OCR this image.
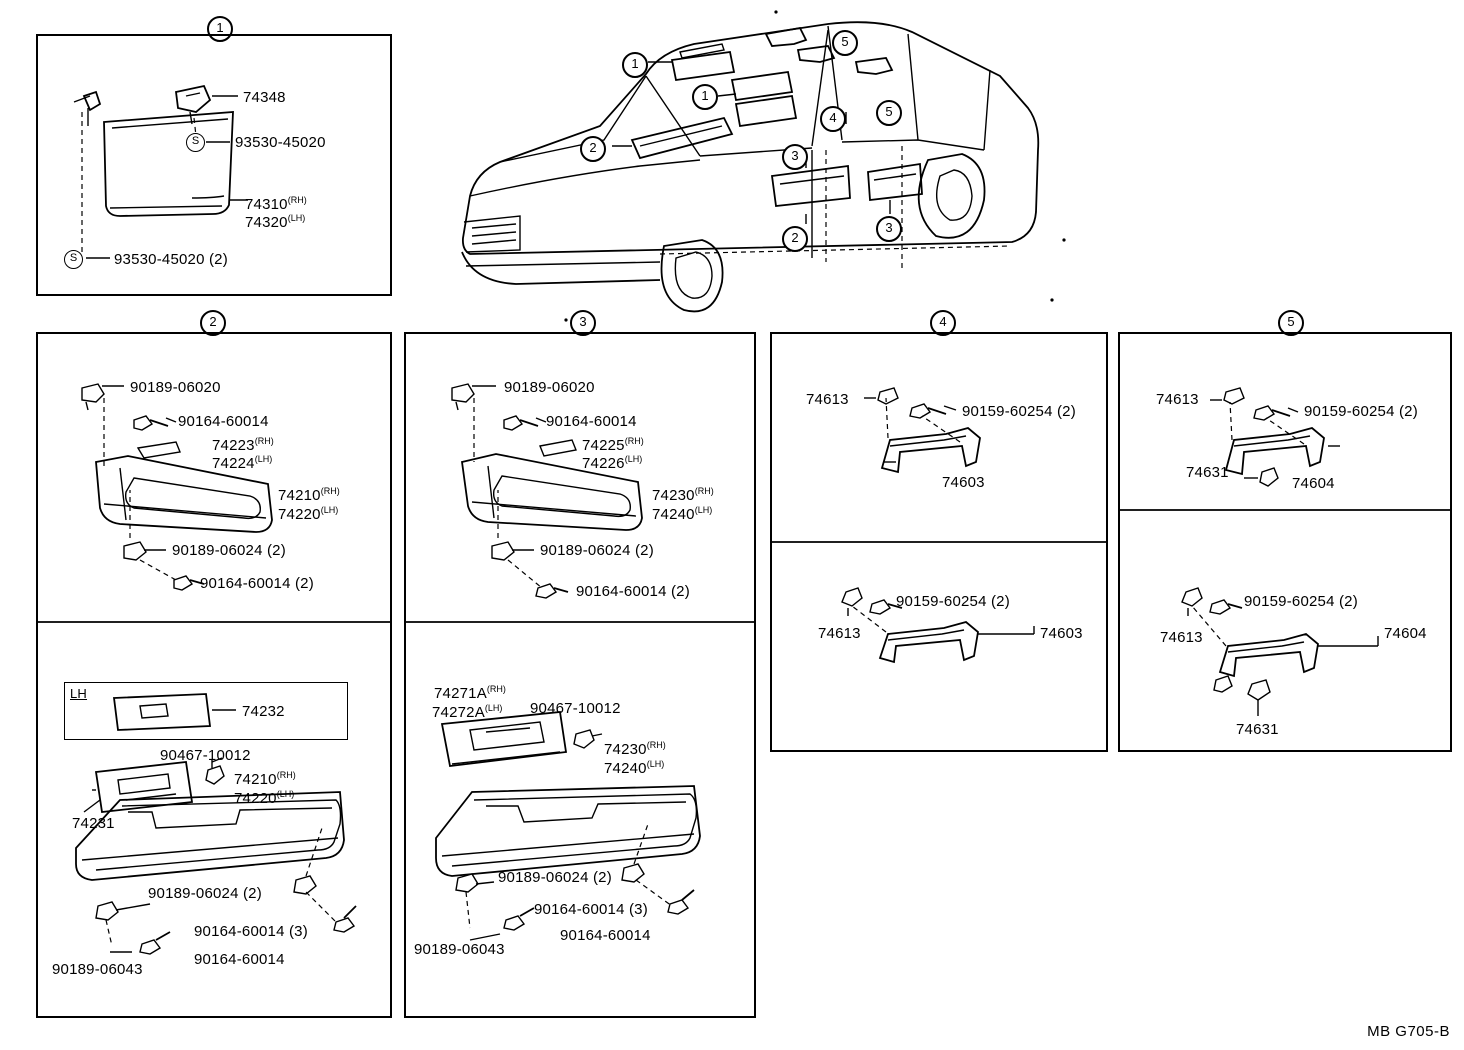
1
74348
S	93530-45020
$74310^{(RH)}$
$74320^{(LH)}$
S	93530-45020 (2)
1
1
2
2
3
3
4
5
5
2
90189-06020
90164-60014
$74223^{(RH)}$
$74224^{(LH)}$
$74210^{(RH)}$
$74220^{(LH)}$
90189-06024 (2)
90164-60014 (2)
LH
74232
90467-10012
$74210^{(RH)}$
$74220^{(LH)}$
74231
90189-06024 (2)
90164-60014 (3)
90164-60014
90189-06043
3
90189-06020
90164-60014
$74225^{(RH)}$
$74226^{(LH)}$
$74230^{(RH)}$
$74240^{(LH)}$
90189-06024 (2)
90164-60014 (2)
$74271A^{(RH)}$
$74272A^{(LH)}$ 90467-10012
$74230^{(RH)}$
$74240^{(LH)}$
90189-06024 (2)
90164-60014 (3)
90164-60014
90189-06043
4
74613
90159-60254 (2)
74603
90159-60254 (2)
74613	74603
5
74613
90159-60254 (2)
74631
74604
90159-60254 (2)
74613	74604
74631
MB G705-B
